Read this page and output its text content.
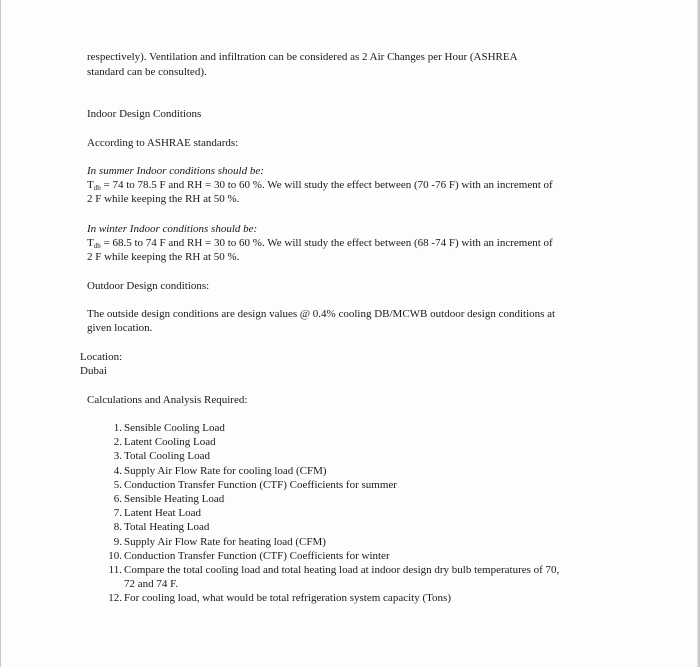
respectively). Ventilation and infiltration can be considered as 2 Air Changes per Hour (ASHREA
standard can be consulted).
Indoor Design Conditions
According to ASHRAE standards:
In summer Indoor conditions should be:
$T_{db} = 74$ to 78.5 F and RH = 30 to 60 %. We will study the effect between (70 -76 F) with an increment of
2 F while keeping the RH at 50 %.
In winter Indoor conditions should be:
$T_{db} = 68.5$ to 74 F and RH = 30 to 60 %. We will study the effect between (68 -74 F) with an increment of
2 F while keeping the RH at 50 %.
Outdoor Design conditions:
The outside design conditions are design values @ 0.4% cooling DB/MCWB outdoor design conditions at
given location.
Location:
Dubai
Calculations and Analysis Required:
1. Sensible Cooling Load
2. Latent Cooling Load
3. Total Cooling Load
4. Supply Air Flow Rate for cooling load (CFM)
5. Conduction Transfer Function (CTF) Coefficients for summer
6. Sensible Heating Load
7. Latent Heat Load
8. Total Heating Load
9. Supply Air Flow Rate for heating load (CFM)
10. Conduction Transfer Function (CTF) Coefficients for winter
11. Compare the total cooling load and total heating load at indoor design dry bulb temperatures of 70,
72 and 74 F.
12. For cooling load, what would be total refrigeration system capacity (Tons)
